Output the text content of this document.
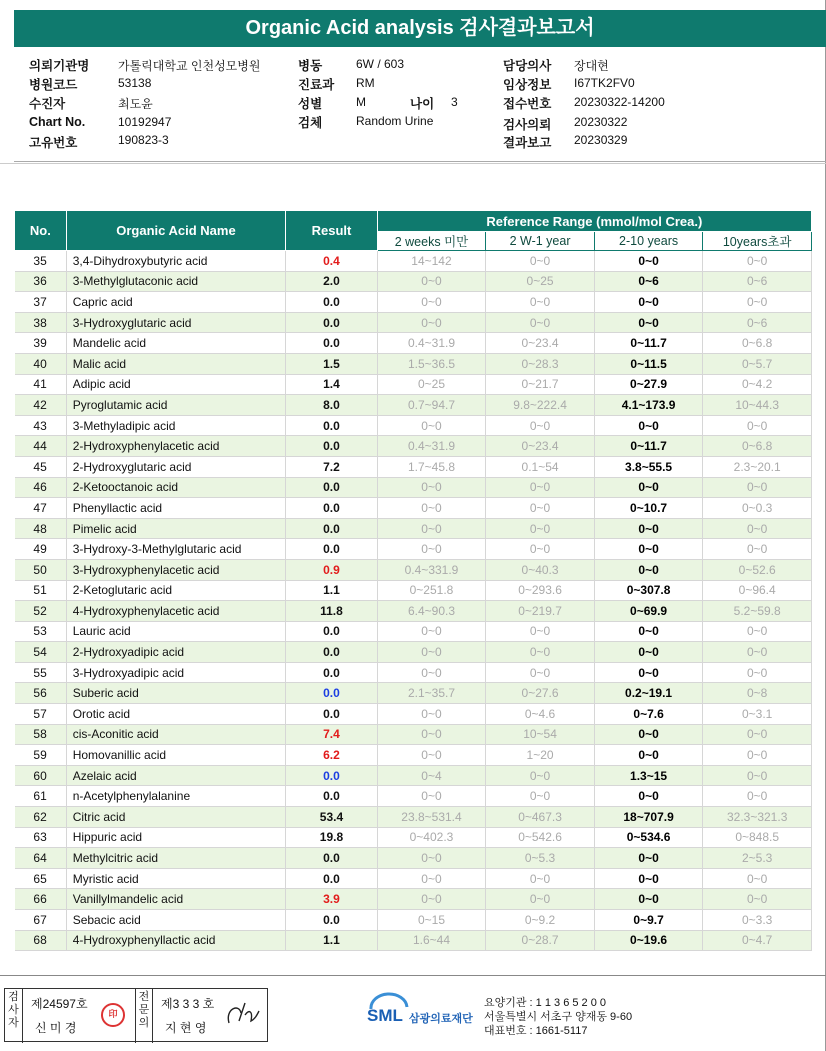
Organic Acid analysis 검사결과보고서
의뢰기관명 가톨릭대학교 인천성모병원
병원코드	53138
수진자	최도윤
Chart No.	10192947
고유번호	190823-3
병동	6W / 603
진료과 RM
성별	M	나이 3
검체	Random Urine
담당의사 장대현
임상정보 I67TK2FV0
접수번호 20230322-14200
검사의뢰 20230322
결과보고 20230329
No.	Organic Acid Name	Result	Reference Range (mmol/mol Crea.)			
			2 weeks 미만	2 W-1 year	2-10 years	10years초과
35	3,4-Dihydroxybutyric acid	0.4	14~142	0~0	0~0	0~0
36	3-Methylglutaconic acid	2.0	0~0	0~25	0~6	0~6
37	Capric acid	0.0	0~0	0~0	0~0	0~0
38	3-Hydroxyglutaric acid	0.0	0~0	0~0	0~0	0~6
39	Mandelic acid	0.0	0.4~31.9	0~23.4	0~11.7	0~6.8
40	Malic acid	1.5	1.5~36.5	0~28.3	0~11.5	0~5.7
41	Adipic acid	1.4	0~25	0~21.7	0~27.9	0~4.2
42	Pyroglutamic acid	8.0	0.7~94.7	9.8~222.4	4.1~173.9	10~44.3
43	3-Methyladipic acid	0.0	0~0	0~0	0~0	0~0
44	2-Hydroxyphenylacetic acid	0.0	0.4~31.9	0~23.4	0~11.7	0~6.8
45	2-Hydroxyglutaric acid	7.2	1.7~45.8	0.1~54	3.8~55.5	2.3~20.1
46	2-Ketooctanoic acid	0.0	0~0	0~0	0~0	0~0
47	Phenyllactic acid	0.0	0~0	0~0	0~10.7	0~0.3
48	Pimelic acid	0.0	0~0	0~0	0~0	0~0
49	3-Hydroxy-3-Methylglutaric acid	0.0	0~0	0~0	0~0	0~0
50	3-Hydroxyphenylacetic acid	0.9	0.4~331.9	0~40.3	0~0	0~52.6
51	2-Ketoglutaric acid	1.1	0~251.8	0~293.6	0~307.8	0~96.4
52	4-Hydroxyphenylacetic acid	11.8	6.4~90.3	0~219.7	0~69.9	5.2~59.8
53	Lauric acid	0.0	0~0	0~0	0~0	0~0
54	2-Hydroxyadipic acid	0.0	0~0	0~0	0~0	0~0
55	3-Hydroxyadipic acid	0.0	0~0	0~0	0~0	0~0
56	Suberic acid	0.0	2.1~35.7	0~27.6	0.2~19.1	0~8
57	Orotic acid	0.0	0~0	0~4.6	0~7.6	0~3.1
58	cis-Aconitic acid	7.4	0~0	10~54	0~0	0~0
59	Homovanillic acid	6.2	0~0	1~20	0~0	0~0
60	Azelaic acid	0.0	0~4	0~0	1.3~15	0~0
61	n-Acetylphenylalanine	0.0	0~0	0~0	0~0	0~0
62	Citric acid	53.4	23.8~531.4	0~467.3	18~707.9	32.3~321.3
63	Hippuric acid	19.8	0~402.3	0~542.6	0~534.6	0~848.5
64	Methylcitric acid	0.0	0~0	0~5.3	0~0	2~5.3
65	Myristic acid	0.0	0~0	0~0	0~0	0~0
66	Vanillylmandelic acid	3.9	0~0	0~0	0~0	0~0
67	Sebacic acid	0.0	0~15	0~9.2	0~9.7	0~3.3
68	4-Hydroxyphenyllactic acid	1.1	1.6~44	0~28.7	0~19.6	0~4.7
검사자
제24597호
신 미 경
印
전문의
제3 3 3 호
지 현 영
SML 삼광의료재단
요양기관 : 1 1 3 6 5 2 0 0
서울특별시 서초구 양재동 9-60
대표번호 : 1661-5117
